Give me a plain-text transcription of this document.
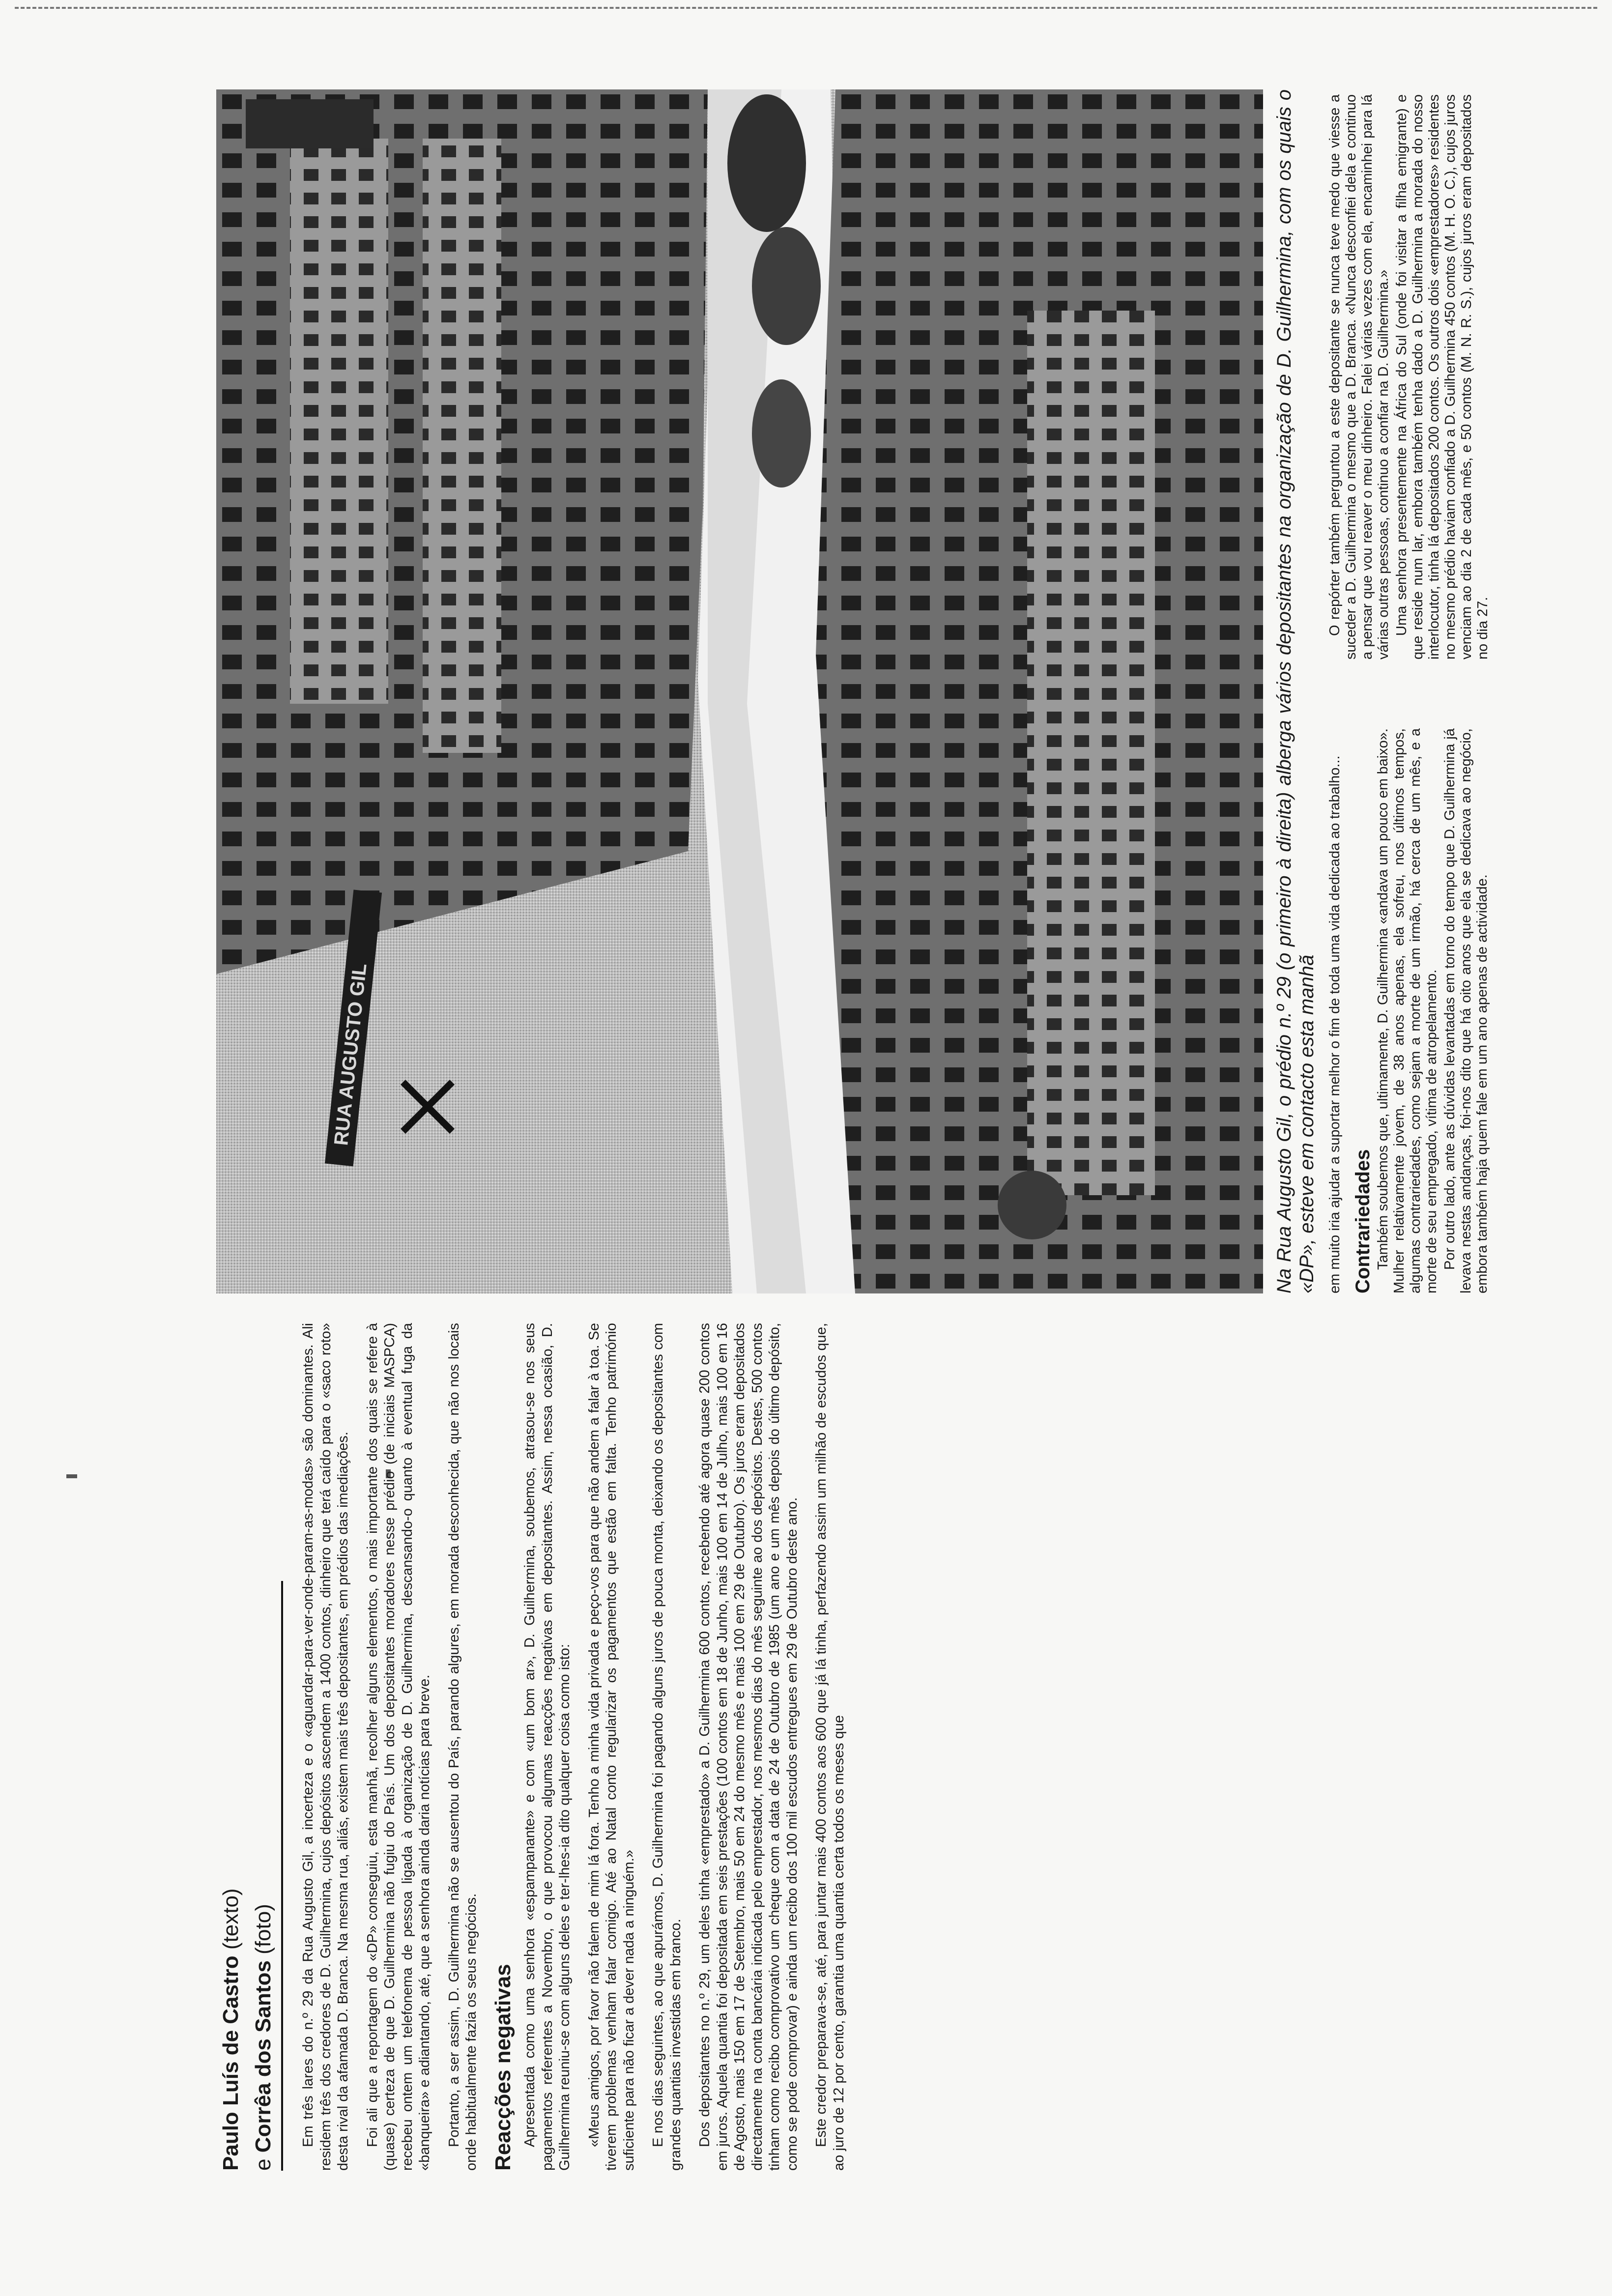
Paulo Luís de Castro (texto)
e Corrêa dos Santos (foto) Em três lares do n.º 29 da Rua Augusto Gil, a incerteza e o «aguardar-para-ver-onde-param-as-modas» são dominantes. Ali residem três dos credores de D. Guilhermina, cujos depósitos ascendem a 1400 contos, dinheiro que terá caído para o «saco roto» desta rival da afamada D. Branca. Na mesma rua, aliás, existem mais três depositantes, em prédios das imediações. Foi ali que a reportagem do «DP» conseguiu, esta manhã, recolher alguns elementos, o mais importante dos quais se refere à (quase) certeza de que D. Guilhermina não fugiu do País. Um dos depositantes moradores nesse prédio (de iniciais MASPCA) recebeu ontem um telefonema de pessoa ligada à organização de D. Guilhermina, descansando-o quanto à eventual fuga da «banqueira» e adiantando, até, que a senhora ainda daria notícias para breve. Portanto, a ser assim, D. Guilhermina não se ausentou do País, parando algures, em morada desconhecida, que não nos locais onde habitualmente fazia os seus negócios. Reacções negativas Apresentada como uma senhora «espampanante» e com «um bom ar», D. Guilhermina, soubemos, atrasou-se nos seus pagamentos referentes a Novembro, o que provocou algumas reacções negativas em depositantes. Assim, nessa ocasião, D. Guilhermina reuniu-se com alguns deles e ter-lhes-ia dito qualquer coisa como isto: «Meus amigos, por favor não falem de mim lá fora. Tenho a minha vida privada e peço-vos para que não andem a falar à toa. Se tiverem problemas venham falar comigo. Até ao Natal conto regularizar os pagamentos que estão em falta. Tenho património suficiente para não ficar a dever nada a ninguém.» E nos dias seguintes, ao que apurámos, D. Guilhermina foi pagando alguns juros de pouca monta, deixando os depositantes com grandes quantias investidas em branco. Dos depositantes no n.º 29, um deles tinha «emprestado» a D. Guilhermina 600 contos, recebendo até agora quase 200 contos em juros. Aquela quantia foi depositada em seis prestações (100 contos em 18 de Junho, mais 100 em 14 de Julho, mais 100 em 16 de Agosto, mais 150 em 17 de Setembro, mais 50 em 24 do mesmo mês e mais 100 em 29 de Outubro). Os juros eram depositados directamente na conta bancária indicada pelo emprestador, nos mesmos dias do mês seguinte ao dos depósitos. Destes, 500 contos tinham como recibo comprovativo um cheque com a data de 24 de Outubro de 1985 (um ano e um mês depois do último depósito, como se pode comprovar) e ainda um recibo dos 100 mil escudos entregues em 29 de Outubro deste ano. Este credor preparava-se, até, para juntar mais 400 contos aos 600 que já lá tinha, perfazendo assim um milhão de escudos que, ao juro de 12 por cento, garantia uma quantia certa todos os meses que

RUA AUGUSTO GIL	Na Rua Augusto Gil, o prédio n.º 29 (o primeiro à direita) alberga vários depositantes na organização de D. Guilhermina, com os quais o «DP», esteve em contacto esta manhã em muito iria ajudar a suportar melhor o fim de toda uma vida dedicada ao trabalho... Contrariedades Também soubemos que, ultimamente, D. Guilhermina «andava um pouco em baixo». Mulher relativamente jovem, de 38 anos apenas, ela sofreu, nos últimos tempos, algumas contrariedades, como sejam a morte de um irmão, há cerca de um mês, e a morte de seu empregado, vítima de atropelamento. Por outro lado, ante as dúvidas levantadas em torno do tempo que D. Guilhermina já levava nestas andanças, foi-nos dito que há oito anos que ela se dedicava ao negócio, embora também haja quem fale em um ano apenas de actividade.

O repórter também perguntou a este depositante se nunca teve medo que viesse a suceder a D. Guilhermina o mesmo que a D. Branca. «Nunca desconfiei dela e continuo a pensar que vou reaver o meu dinheiro. Falei várias vezes com ela, encaminhei para lá várias outras pessoas, continuo a confiar na D. Guilhermina.» Uma senhora presentemente na África do Sul (onde foi visitar a filha emigrante) e que reside num lar, embora também tenha dado a D. Guilhermina a morada do nosso interlocutor, tinha lá depositados 200 contos. Os outros dois «emprestadores» residentes no mesmo prédio haviam confiado a D. Guilhermina 450 contos (M. H. O. C.), cujos juros venciam ao dia 2 de cada mês, e 50 contos (M. N. R. S.), cujos juros eram depositados no dia 27.
